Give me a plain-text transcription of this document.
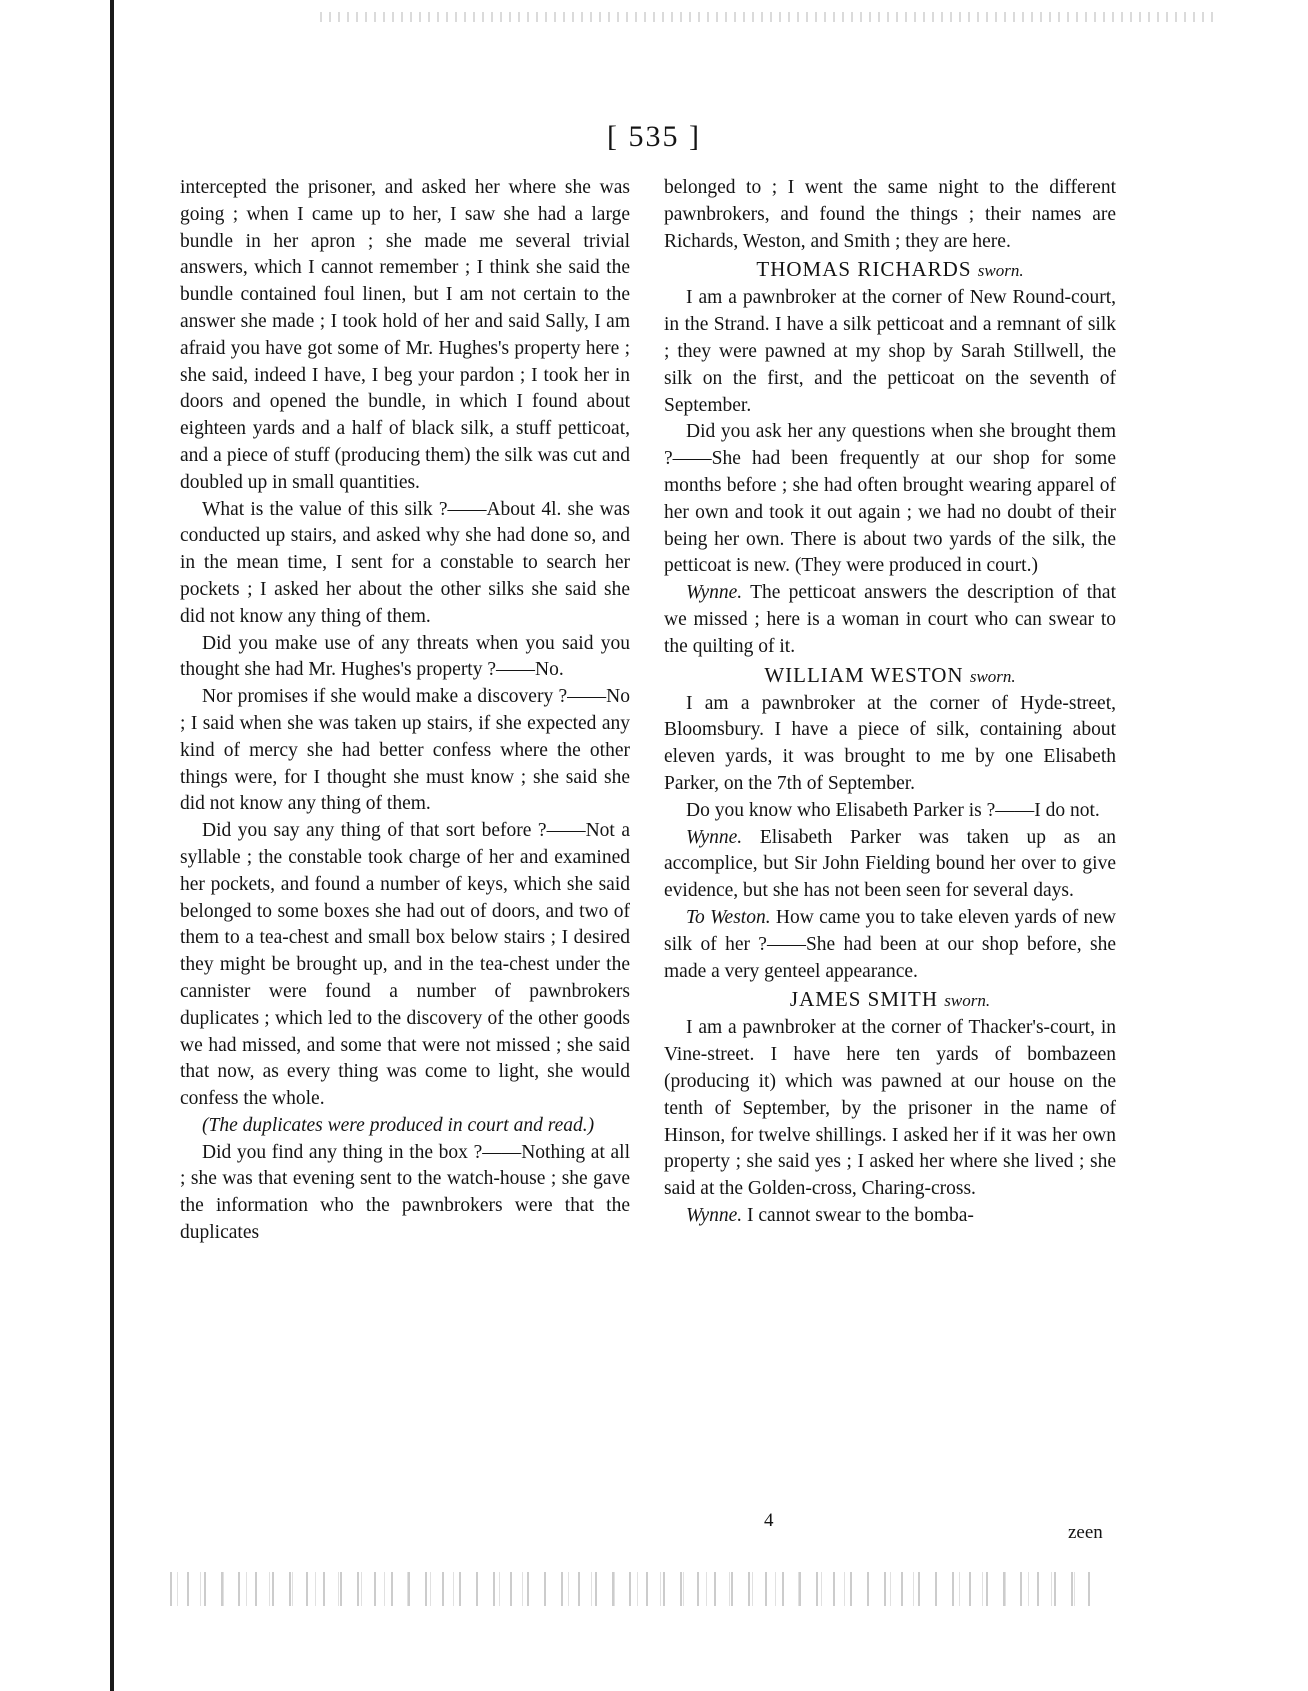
[ 535 ]

intercepted the prisoner, and asked her where she was going ; when I came up to her, I saw she had a large bundle in her apron ; she made me several trivial answers, which I cannot remember ; I think she said the bundle contained foul linen, but I am not certain to the answer she made ; I took hold of her and said Sally, I am afraid you have got some of Mr. Hughes's property here ; she said, indeed I have, I beg your pardon ; I took her in doors and opened the bundle, in which I found about eighteen yards and a half of black silk, a stuff petticoat, and a piece of stuff (producing them) the silk was cut and doubled up in small quantities.

What is the value of this silk ?——About 4l. she was conducted up stairs, and asked why she had done so, and in the mean time, I sent for a constable to search her pockets ; I asked her about the other silks she said she did not know any thing of them.

Did you make use of any threats when you said you thought she had Mr. Hughes's property ?——No.

Nor promises if she would make a discovery ?——No ; I said when she was taken up stairs, if she expected any kind of mercy she had better confess where the other things were, for I thought she must know ; she said she did not know any thing of them.

Did you say any thing of that sort before ?——Not a syllable ; the constable took charge of her and examined her pockets, and found a number of keys, which she said belonged to some boxes she had out of doors, and two of them to a tea-chest and small box below stairs ; I desired they might be brought up, and in the tea-chest under the cannister were found a number of pawnbrokers duplicates ; which led to the discovery of the other goods we had missed, and some that were not missed ; she said that now, as every thing was come to light, she would confess the whole.

(The duplicates were produced in court and read.)

Did you find any thing in the box ?——Nothing at all ; she was that evening sent to the watch-house ; she gave the information who the pawnbrokers were that the duplicates

belonged to ; I went the same night to the different pawnbrokers, and found the things ; their names are Richards, Weston, and Smith ; they are here.

THOMAS RICHARDS sworn.

I am a pawnbroker at the corner of New Round-court, in the Strand. I have a silk petticoat and a remnant of silk ; they were pawned at my shop by Sarah Stillwell, the silk on the first, and the petticoat on the seventh of September.

Did you ask her any questions when she brought them ?——She had been frequently at our shop for some months before ; she had often brought wearing apparel of her own and took it out again ; we had no doubt of their being her own. There is about two yards of the silk, the petticoat is new. (They were produced in court.)

Wynne. The petticoat answers the description of that we missed ; here is a woman in court who can swear to the quilting of it.

WILLIAM WESTON sworn.

I am a pawnbroker at the corner of Hyde-street, Bloomsbury. I have a piece of silk, containing about eleven yards, it was brought to me by one Elisabeth Parker, on the 7th of September.

Do you know who Elisabeth Parker is ?——I do not.

Wynne. Elisabeth Parker was taken up as an accomplice, but Sir John Fielding bound her over to give evidence, but she has not been seen for several days.

To Weston. How came you to take eleven yards of new silk of her ?——She had been at our shop before, she made a very genteel appearance.

JAMES SMITH sworn.

I am a pawnbroker at the corner of Thacker's-court, in Vine-street. I have here ten yards of bombazeen (producing it) which was pawned at our house on the tenth of September, by the prisoner in the name of Hinson, for twelve shillings. I asked her if it was her own property ; she said yes ; I asked her where she lived ; she said at the Golden-cross, Charing-cross.

Wynne. I cannot swear to the bomba-

4
zeen
